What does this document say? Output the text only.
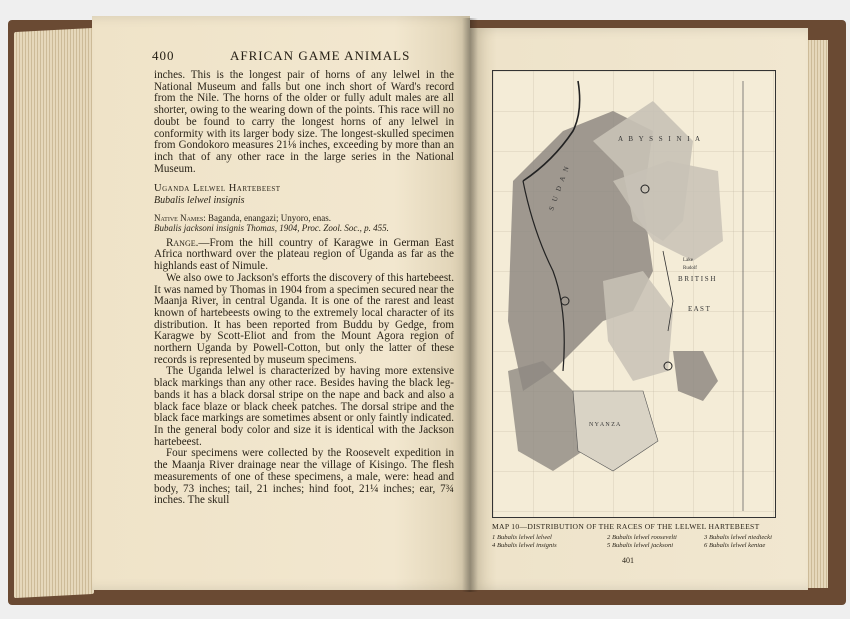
400	AFRICAN GAME ANIMALS

inches. This is the longest pair of horns of any lelwel in the National Museum and falls but one inch short of Ward's record from the Nile. The horns of the older or fully adult males are all shorter, owing to the wearing down of the points. This race will no doubt be found to carry the longest horns of any lelwel in conformity with its larger body size. The longest-skulled specimen from Gondokoro measures 21⅛ inches, exceeding by more than an inch that of any other race in the large series in the National Museum.

Uganda Lelwel Hartebeest

Bubalis lelwel insignis

Native Names: Baganda, enangazi; Unyoro, enas.

Bubalis jacksoni insignis Thomas, 1904, Proc. Zool. Soc., p. 455.

Range.—From the hill country of Karagwe in German East Africa northward over the plateau region of Uganda as far as the highlands east of Nimule.

We also owe to Jackson's efforts the discovery of this hartebeest. It was named by Thomas in 1904 from a specimen secured near the Maanja River, in central Uganda. It is one of the rarest and least known of hartebeests owing to the extremely local character of its distribution. It has been reported from Buddu by Gedge, from Karagwe by Scott-Eliot and from the Mount Agora region of northern Uganda by Powell-Cotton, but only the latter of these records is represented by museum specimens.

The Uganda lelwel is characterized by having more extensive black markings than any other race. Besides having the black leg-bands it has a black dorsal stripe on the nape and back and also a black face blaze or black cheek patches. The dorsal stripe and the black face markings are sometimes absent or only faintly indicated. In the general body color and size it is identical with the Jackson hartebeest.

Four specimens were collected by the Roosevelt expedition in the Maanja River drainage near the village of Kisingo. The flesh measurements of one of these specimens, a male, were: head and body, 73 inches; tail, 21 inches; hind foot, 21¼ inches; ear, 7¾ inches. The skull

A B Y S S I N I A
S U D A N
B R I T I S H
E A S T
N Y A N Z A
Lake
Rudolf
MAP 10—DISTRIBUTION OF THE RACES OF THE LELWEL HARTEBEEST
1 Bubalis lelwel lelwel	2 Bubalis lelwel roosevelti	3 Bubalis lelwel niediecki
4 Bubalis lelwel insignis	5 Bubalis lelwel jacksoni	6 Bubalis lelwel keniae
401
